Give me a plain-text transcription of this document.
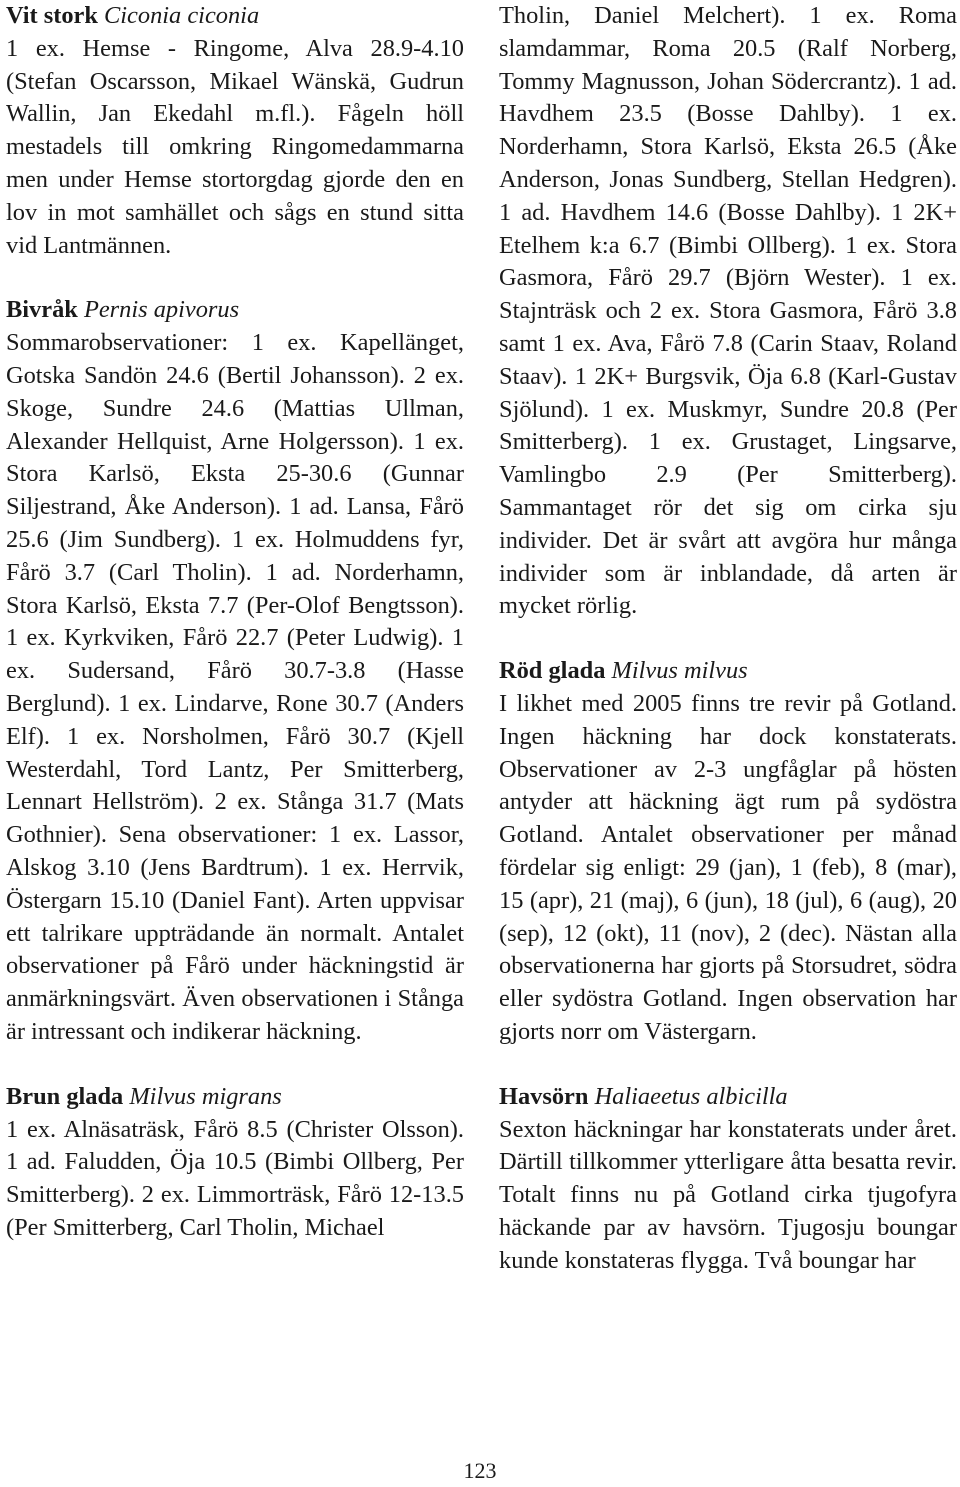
Vit stork Ciconia ciconia
1 ex. Hemse - Ringome, Alva 28.9-4.10 (Stefan Oscarsson, Mikael Wänskä, Gudrun Wallin, Jan Ekedahl m.fl.). Fågeln höll mestadels till omkring Ringomedammarna men under Hemse stortorgdag gjorde den en lov in mot samhället och sågs en stund sitta vid Lantmännen.

Bivråk Pernis apivorus
Sommarobservationer: 1 ex. Kapellänget, Gotska Sandön 24.6 (Bertil Johansson). 2 ex. Skoge, Sundre 24.6 (Mattias Ullman, Alexander Hellquist, Arne Holgersson). 1 ex. Stora Karlsö, Eksta 25-30.6 (Gunnar Siljestrand, Åke Anderson). 1 ad. Lansa, Fårö 25.6 (Jim Sundberg). 1 ex. Holmuddens fyr, Fårö 3.7 (Carl Tholin). 1 ad. Norderhamn, Stora Karlsö, Eksta 7.7 (Per-Olof Bengtsson). 1 ex. Kyrkviken, Fårö 22.7 (Peter Ludwig). 1 ex. Sudersand, Fårö 30.7-3.8 (Hasse Berglund). 1 ex. Lindarve, Rone 30.7 (Anders Elf). 1 ex. Norsholmen, Fårö 30.7 (Kjell Westerdahl, Tord Lantz, Per Smitterberg, Lennart Hellström). 2 ex. Stånga 31.7 (Mats Gothnier). Sena observationer: 1 ex. Lassor, Alskog 3.10 (Jens Bardtrum). 1 ex. Herrvik, Östergarn 15.10 (Daniel Fant). Arten uppvisar ett talrikare uppträdande än normalt. Antalet observationer på Fårö under häckningstid är anmärkningsvärt. Även observationen i Stånga är intressant och indikerar häckning.

Brun glada Milvus migrans
1 ex. Alnäsaträsk, Fårö 8.5 (Christer Olsson). 1 ad. Faludden, Öja 10.5 (Bimbi Ollberg, Per Smitterberg). 2 ex. Limmorträsk, Fårö 12-13.5 (Per Smitterberg, Carl Tholin, Michael

Tholin, Daniel Melchert). 1 ex. Roma slamdammar, Roma 20.5 (Ralf Norberg, Tommy Magnusson, Johan Södercrantz). 1 ad. Havdhem 23.5 (Bosse Dahlby). 1 ex. Norderhamn, Stora Karlsö, Eksta 26.5 (Åke Anderson, Jonas Sundberg, Stellan Hedgren). 1 ad. Havdhem 14.6 (Bosse Dahlby). 1 2K+ Etelhem k:a 6.7 (Bimbi Ollberg). 1 ex. Stora Gasmora, Fårö 29.7 (Björn Wester). 1 ex. Stajnträsk och 2 ex. Stora Gasmora, Fårö 3.8 samt 1 ex. Ava, Fårö 7.8 (Carin Staav, Roland Staav). 1 2K+ Burgsvik, Öja 6.8 (Karl-Gustav Sjölund). 1 ex. Muskmyr, Sundre 20.8 (Per Smitterberg). 1 ex. Grustaget, Lingsarve, Vamlingbo 2.9 (Per Smitterberg). Sammantaget rör det sig om cirka sju individer. Det är svårt att avgöra hur många individer som är inblandade, då arten är mycket rörlig.

Röd glada Milvus milvus
I likhet med 2005 finns tre revir på Gotland. Ingen häckning har dock konstaterats. Observationer av 2-3 ungfåglar på hösten antyder att häckning ägt rum på sydöstra Gotland. Antalet observationer per månad fördelar sig enligt: 29 (jan), 1 (feb), 8 (mar), 15 (apr), 21 (maj), 6 (jun), 18 (jul), 6 (aug), 20 (sep), 12 (okt), 11 (nov), 2 (dec). Nästan alla observationerna har gjorts på Storsudret, södra eller sydöstra Gotland. Ingen observation har gjorts norr om Västergarn.

Havsörn Haliaeetus albicilla
Sexton häckningar har konstaterats under året. Därtill tillkommer ytterligare åtta besatta revir. Totalt finns nu på Gotland cirka tjugofyra häckande par av havsörn. Tjugosju boungar kunde konstateras flygga. Två boungar har

123
